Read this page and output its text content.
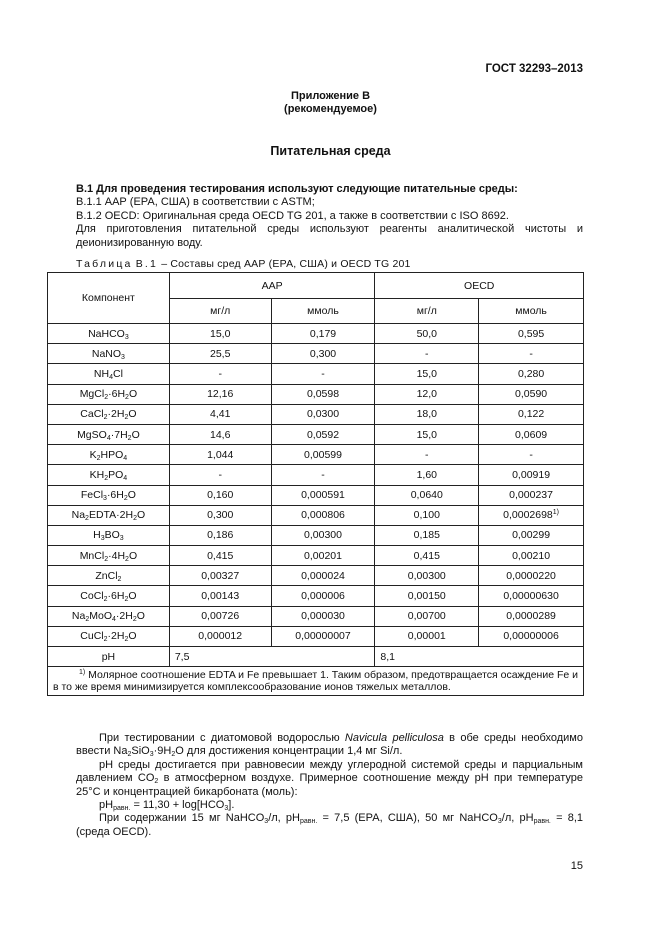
ГОСТ 32293–2013
Приложение В
(рекомендуемое)
Питательная среда

В.1 Для проведения тестирования используют следующие питательные среды:

В.1.1 ААР (ЕРА, США) в соответствии с ASTM;

В.1.2 OECD: Оригинальная среда OECD TG 201, а также в соответствии с ISO 8692.

Для приготовления питательной среды используют реагенты аналитической чистоты и деионизированную воду.

Таблица В.1 – Составы сред ААР (ЕРА, США) и OECD TG 201
Компонент	ААР		OECD	
	мг/л	ммоль	мг/л	ммоль
NaHCO$_3$	15,0	0,179	50,0	0,595
NaNO$_3$	25,5	0,300	-	-
$NH_4Cl$	-	-	15,0	0,280
$MgCl_2\cdot 6H_2O$	12,16	0,0598	12,0	0,0590
$CaCl_2\cdot 2H_2O$	4,41	0,0300	18,0	0,122
$MgSO_4\cdot 7H_2O$	14,6	0,0592	15,0	0,0609
$K_2HPO_4$	1,044	0,00599	-	-
$KH_2PO_4$	-	-	1,60	0,00919
$FeCl_3\cdot 6H_2O$	0,160	0,000591	0,0640	0,000237
$Na_2EDTA\cdot 2H_2O$	0,300	0,000806	0,100	0,0002698$^{1)}$
$H_3BO_3$	0,186	0,00300	0,185	0,00299
$MnCl_2\cdot 4H_2O$	0,415	0,00201	0,415	0,00210
ZnCl$_2$	0,00327	0,000024	0,00300	0,0000220
$CoCl_2\cdot 6H_2O$	0,00143	0,000006	0,00150	0,00000630
$Na_2MoO_4\cdot 2H_2O$	0,00726	0,000030	0,00700	0,0000289
$CuCl_2\cdot 2H_2O$	0,000012	0,00000007	0,00001	0,00000006
pH	7,5		8,1	
$^{1)}$ Молярное соотношение EDTA и Fe превышает 1. Таким образом, предотвращается осаждение Fe и в то же время минимизируется комплексообразование ионов тяжелых металлов.				

При тестировании с диатомовой водорослью Navicula pelliculosa в обе среды необходимо ввести $Na_2SiO_3\cdot 9H_2O$ для достижения концентрации 1,4 мг Si/л.

pH среды достигается при равновесии между углеродной системой среды и парциальным давлением $CO_2$ в атмосферном воздухе. Примерное соотношение между pH при температуре 25°С и концентрацией бикарбоната (моль):

$pH_{равн.} = 11,30 + \log[HCO_3]$.

При содержании 15 мг NaHCO$_3$/л, $pH_{равн.} = 7,5$ (ЕРА, США), 50 мг NaHCO$_3$/л, $pH_{равн.} = 8,1$ (среда OECD).

15
